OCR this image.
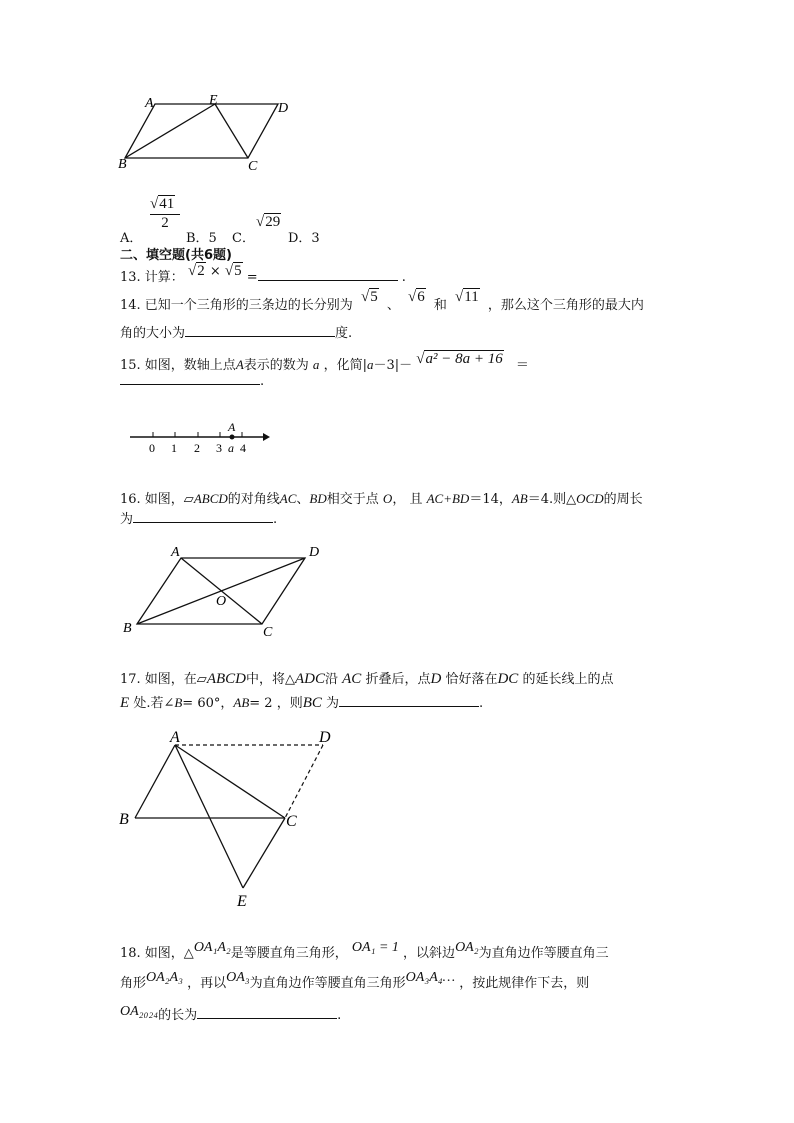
A	E
D
B	C
A．
√41
2
B．5 C．
√29
D．3
二、填空题(共6题)
13. 计算： √2 × √5 =	.
14. 已知一个三角形的三条边的长分别为 √5 、 √6 和 √11 ，那么这个三角形的最大内
角的大小为	度.
15. 如图，数轴上点A表示的数为 a ，化简|a－3|－ √a² − 8a + 16 ＝
.
0 1 2 3 4
a
A
16. 如图，▱ABCD的对角线AC、BD相交于点 O， 且 AC+BD＝14，AB＝4.则△OCD的周长
为	.
A	D
O
B	C
17. 如图，在▱ABCD中，将△ADC沿 AC 折叠后，点D 恰好落在DC 的延长线上的点
E 处.若∠B= 60°，AB= 2 ，则BC 为	.
A	D
B	C
E
18. 如图，△OA₁A₂是等腰直角三角形， OA₁ = 1 ，以斜边OA₂为直角边作等腰直角三
角形OA₂A₃ ，再以OA₃为直角边作等腰直角三角形OA₃A₄… ，按此规律作下去，则
OA₂₀₂₄的长为	.
